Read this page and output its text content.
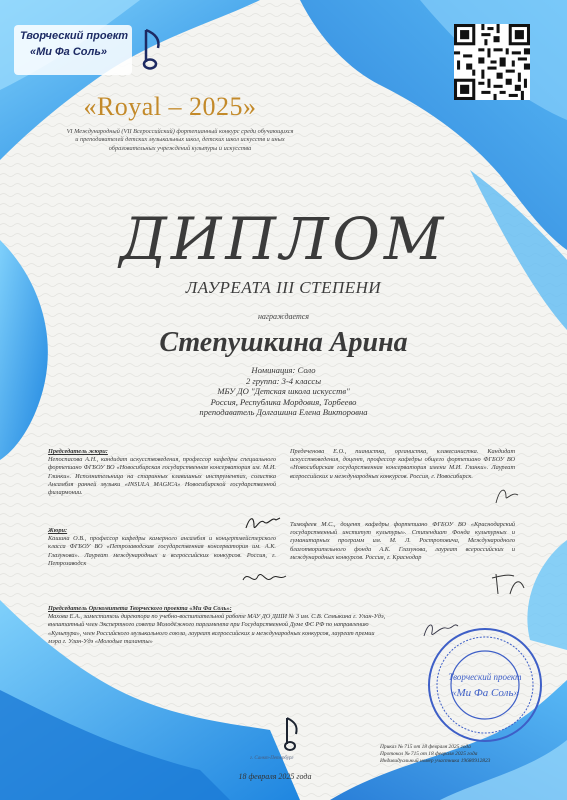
Творческий проект
«Ми Фа Соль»
«Royal – 2025»
VI Международный (VII Всероссийский) фортепианный конкурс среди обучающихся и преподавателей детских музыкальных школ, детских школ искусств и иных образовательных учреждений культуры и искусства
ДИПЛОМ
ЛАУРЕАТА III СТЕПЕНИ
награждается
Степушкина Арина
Номинация: Соло
2 группа: 3-4 классы
МБУ ДО "Детская школа искусств"
Россия, Республика Мордовия, Торбеево
преподаватель Долгашина Елена Викторовна
Председатель жюри:
Непоспасова А.Н., кандидат искусствоведения, профессор кафедры специального фортепиано ФГБОУ ВО «Новосибирская государственная консерватория им. М.И. Глинки». Исполнительница на старинных клавишных инструментах, солистка Ансамбля ранней музыки «INSULA MAGICA» Новосибирской государственной филармонии.
Жюри:
Кашина О.В., профессор кафедры камерного ансамбля и концертмейстерского класса ФГБОУ ВО «Петрозаводская государственная консерватория им. А.К. Глазунова». Лауреат международных и всероссийских конкурсов. Россия, г. Петрозаводск
Предеченова Е.О., пианистка, органистка, клавесинистка. Кандидат искусствоведения, доцент, профессор кафедры общего фортепиано ФГБОУ ВО «Новосибирская государственная консерватория имени М.И. Глинки». Лауреат всероссийских и международных конкурсов. Россия, г. Новосибирск.
Тимофеев М.С., доцент кафедры фортепиано ФГБОУ ВО «Краснодарский государственный институт культуры». Стипендиат Фонда культурных и гуманитарных программ им. М. Л. Ростроповича, Международного благотворительного фонда А.К. Глазунова, лауреат всероссийских и международных конкурсов. Россия, г. Краснодар
Председатель Оргкомитета Творческого проекта «Ми Фа Соль»:
Махова Е.А., заместитель директора по учебно-воспитательной работе МАУ ДО ДШИ № 3 им. С.В. Семыкина г. Улан-Удэ, внештатный член Экспертного совета Молодёжного парламента при Государственной Думе ФС РФ по направлению «Культура», член Российского музыкального союза, лауреат всероссийских и международных конкурсов, лауреат премии мэра г. Улан-Удэ «Молодые таланты»
Творческий проект
«Ми Фа Соль»
г. Санкт-Петербург
18 февраля 2025 года
Приказ № 715 от 18 февраля 2025 года
Протокол № 715 от 18 февраля 2025 года
Индивидуальный номер участника 19680912823
